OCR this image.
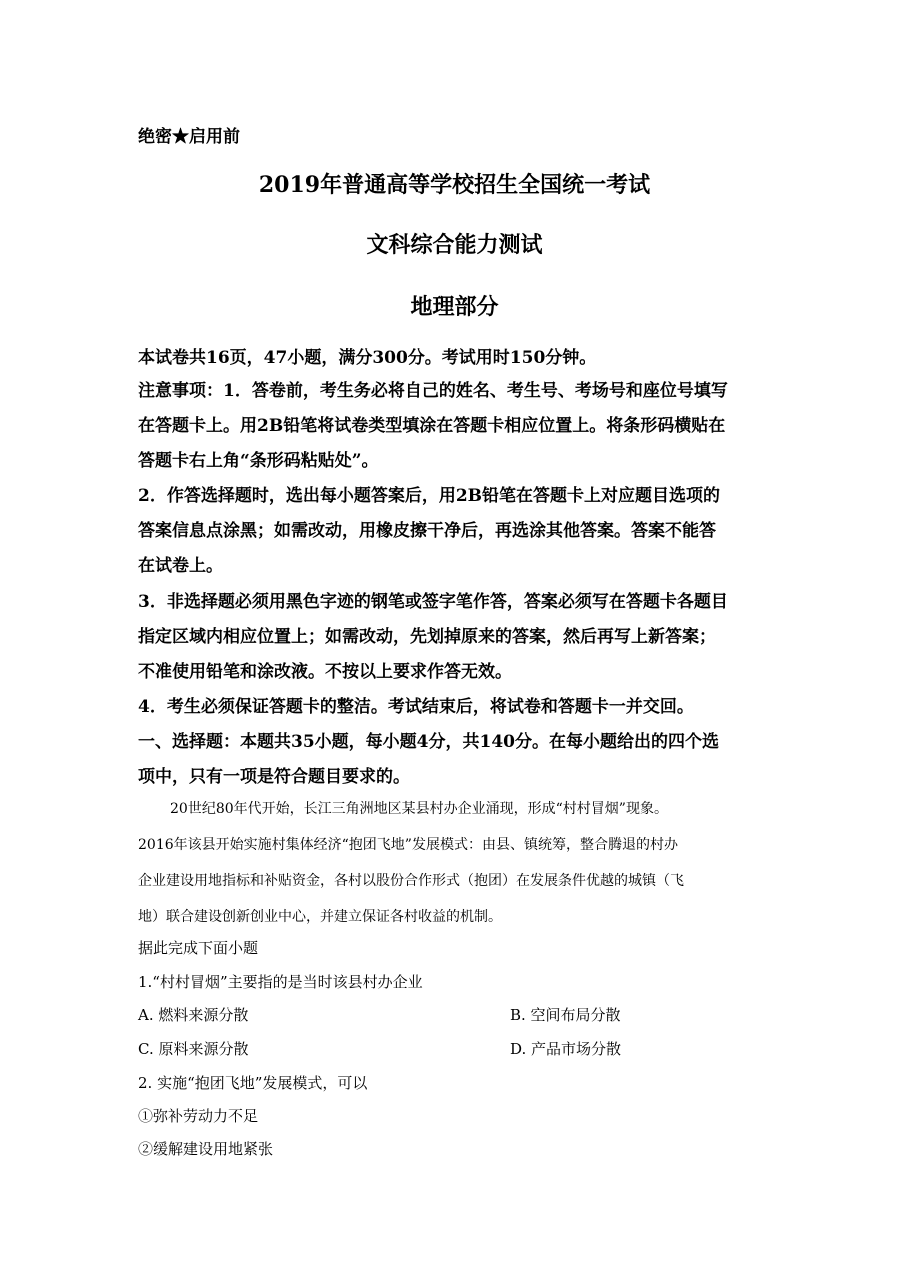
绝密★启用前
2019年普通高等学校招生全国统一考试
文科综合能力测试
地理部分
本试卷共16页，47小题，满分300分。考试用时150分钟。
注意事项：1．答卷前，考生务必将自己的姓名、考生号、考场号和座位号填写
在答题卡上。用2B铅笔将试卷类型填涂在答题卡相应位置上。将条形码横贴在
答题卡右上角“条形码粘贴处”。
2．作答选择题时，选出每小题答案后，用2B铅笔在答题卡上对应题目选项的
答案信息点涂黑；如需改动，用橡皮擦干净后，再选涂其他答案。答案不能答
在试卷上。
3．非选择题必须用黑色字迹的钢笔或签字笔作答，答案必须写在答题卡各题目
指定区域内相应位置上；如需改动，先划掉原来的答案，然后再写上新答案；
不准使用铅笔和涂改液。不按以上要求作答无效。
4．考生必须保证答题卡的整洁。考试结束后，将试卷和答题卡一并交回。
一、选择题：本题共35小题，每小题4分，共140分。在每小题给出的四个选
项中，只有一项是符合题目要求的。
20世纪80年代开始，长江三角洲地区某县村办企业涌现，形成“村村冒烟”现象。
2016年该县开始实施村集体经济“抱团飞地”发展模式：由县、镇统筹，整合腾退的村办
企业建设用地指标和补贴资金，各村以股份合作形式（抱团）在发展条件优越的城镇（飞
地）联合建设创新创业中心，并建立保证各村收益的机制。
据此完成下面小题
1.“村村冒烟”主要指的是当时该县村办企业
A. 燃料来源分散	B. 空间布局分散
C. 原料来源分散	D. 产品市场分散
2. 实施“抱团飞地”发展模式，可以
①弥补劳动力不足
②缓解建设用地紧张
